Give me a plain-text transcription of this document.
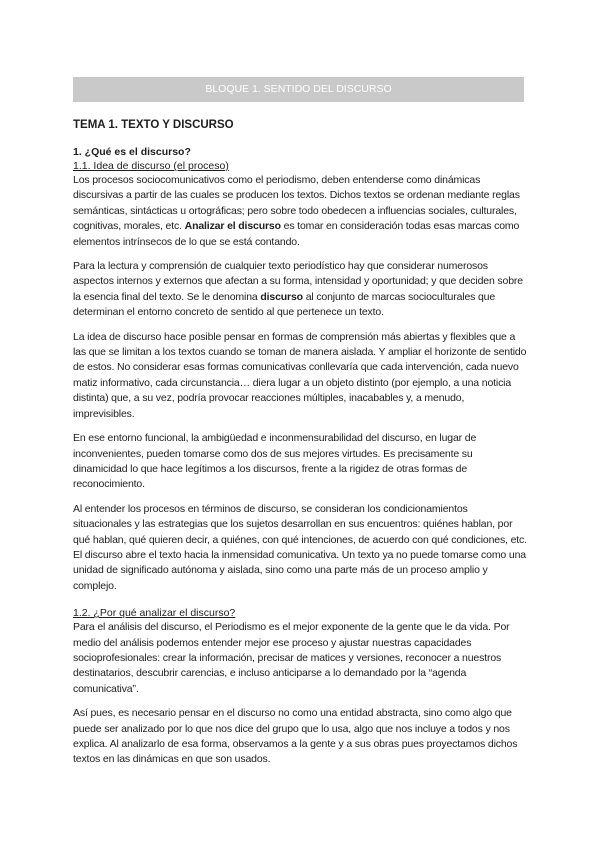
BLOQUE 1. SENTIDO DEL DISCURSO
TEMA 1. TEXTO Y DISCURSO
1. ¿Qué es el discurso?
1.1. Idea de discurso (el proceso)

Los procesos sociocomunicativos como el periodismo, deben entenderse como dinámicas discursivas a partir de las cuales se producen los textos. Dichos textos se ordenan mediante reglas semánticas, sintácticas u ortográficas; pero sobre todo obedecen a influencias sociales, culturales, cognitivas, morales, etc. Analizar el discurso es tomar en consideración todas esas marcas como elementos intrínsecos de lo que se está contando.

Para la lectura y comprensión de cualquier texto periodístico hay que considerar numerosos aspectos internos y externos que afectan a su forma, intensidad y oportunidad; y que deciden sobre la esencia final del texto. Se le denomina discurso al conjunto de marcas socioculturales que determinan el entorno concreto de sentido al que pertenece un texto.

La idea de discurso hace posible pensar en formas de comprensión más abiertas y flexibles que a las que se limitan a los textos cuando se toman de manera aislada. Y ampliar el horizonte de sentido de estos. No considerar esas formas comunicativas conllevaría que cada intervención, cada nuevo matiz informativo, cada circunstancia… diera lugar a un objeto distinto (por ejemplo, a una noticia distinta) que, a su vez, podría provocar reacciones múltiples, inacabables y, a menudo, imprevisibles.

En ese entorno funcional, la ambigüedad e inconmensurabilidad del discurso, en lugar de inconvenientes, pueden tomarse como dos de sus mejores virtudes. Es precisamente su dinamicidad lo que hace legítimos a los discursos, frente a la rigidez de otras formas de reconocimiento.

Al entender los procesos en términos de discurso, se consideran los condicionamientos situacionales y las estrategias que los sujetos desarrollan en sus encuentros: quiénes hablan, por qué hablan, qué quieren decir, a quiénes, con qué intenciones, de acuerdo con qué condiciones, etc. El discurso abre el texto hacia la inmensidad comunicativa. Un texto ya no puede tomarse como una unidad de significado autónoma y aislada, sino como una parte más de un proceso amplio y complejo.

1.2. ¿Por qué analizar el discurso?

Para el análisis del discurso, el Periodismo es el mejor exponente de la gente que le da vida. Por medio del análisis podemos entender mejor ese proceso y ajustar nuestras capacidades socioprofesionales: crear la información, precisar de matices y versiones, reconocer a nuestros destinatarios, descubrir carencias, e incluso anticiparse a lo demandado por la “agenda comunicativa”.

Así pues, es necesario pensar en el discurso no como una entidad abstracta, sino como algo que puede ser analizado por lo que nos dice del grupo que lo usa, algo que nos incluye a todos y nos explica. Al analizarlo de esa forma, observamos a la gente y a sus obras pues proyectamos dichos textos en las dinámicas en que son usados.
